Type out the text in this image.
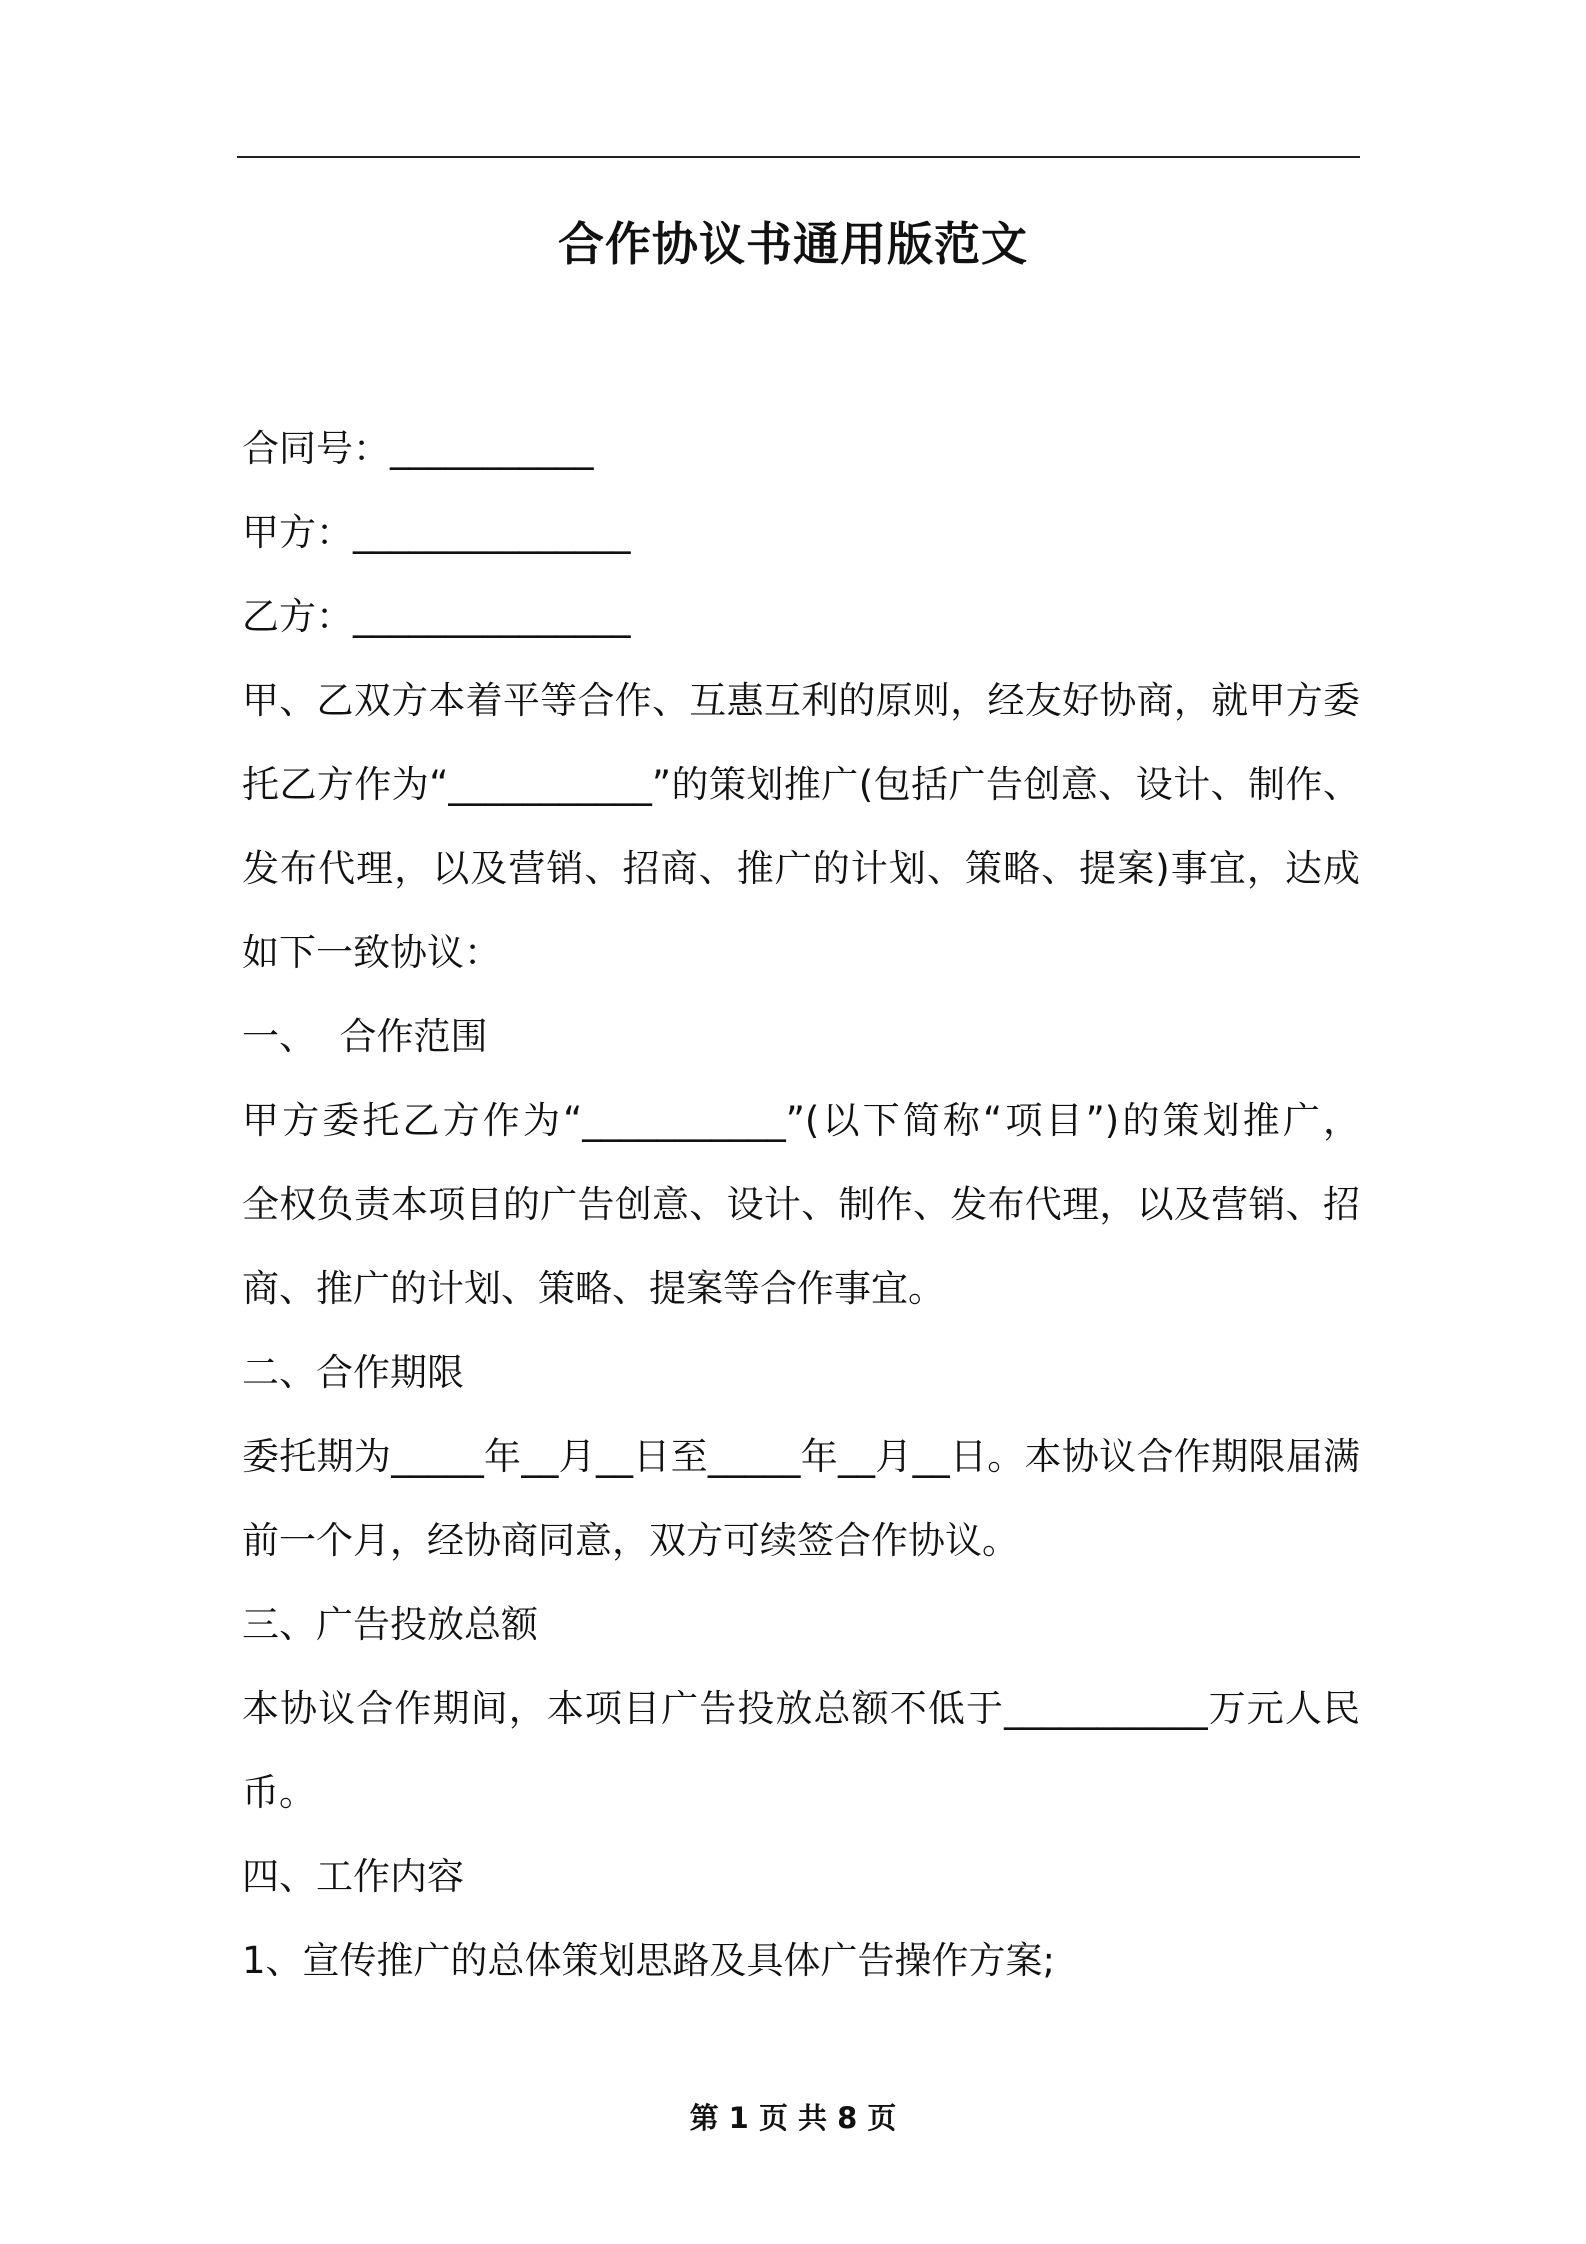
合作协议书通用版范文
合同号：___________
甲方：_______________
乙方：_______________
甲、乙双方本着平等合作、互惠互利的原则，经友好协商，就甲方委
托乙方作为“___________”的策划推广(包括广告创意、设计、制作、
发布代理，以及营销、招商、推广的计划、策略、提案)事宜，达成
如下一致协议：
一、  合作范围
甲方委托乙方作为“___________”(以下简称“项目”)的策划推广，
全权负责本项目的广告创意、设计、制作、发布代理，以及营销、招
商、推广的计划、策略、提案等合作事宜。
二、合作期限
委托期为_____年__月__日至_____年__月__日。本协议合作期限届满
前一个月，经协商同意，双方可续签合作协议。
三、广告投放总额
本协议合作期间，本项目广告投放总额不低于___________万元人民
币。
四、工作内容
1、宣传推广的总体策划思路及具体广告操作方案;
第 1 页 共 8 页
